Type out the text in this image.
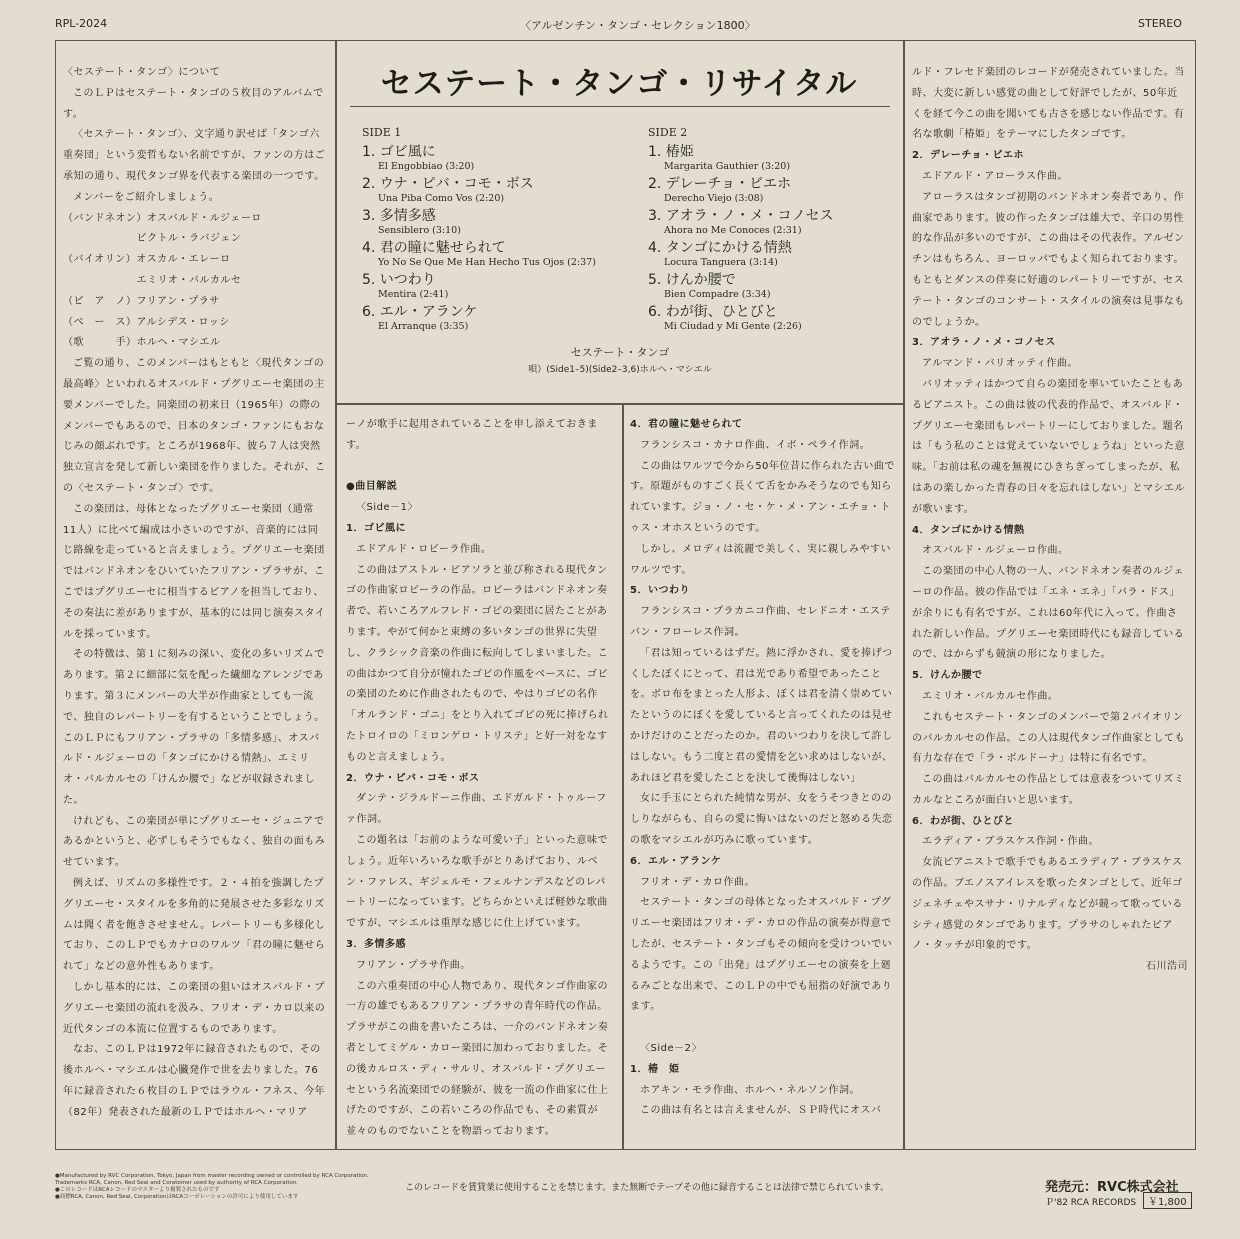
RPL-2024	〈アルゼンチン・タンゴ・セレクション1800〉	STEREO
セステート・タンゴ・リサイタル
SIDE 1	SIDE 2
1. ゴビ風に
El Engobbiao (3:20)
2. ウナ・ピバ・コモ・ボス
Una Piba Como Vos (2:20)
3. 多情多感
Sensiblero (3:10)
4. 君の瞳に魅せられて
Yo No Se Que Me Han Hecho Tus Ojos (2:37)
5. いつわり
Mentira (2:41)
6. エル・アランケ
El Arranque (3:35)
1. 椿姫
Margarita Gauthier (3:20)
2. デレーチョ・ビエホ
Derecho Viejo (3:08)
3. アオラ・ノ・メ・コノセス
Ahora no Me Conoces (2:31)
4. タンゴにかける情熱
Locura Tanguera (3:14)
5. けんか腰で
Bien Compadre (3:34)
6. わが街、ひとびと
Mi Ciudad y Mi Gente (2:26)
セステート・タンゴ
唄）(Side1–5)(Side2–3,6)ホルヘ・マシエル

〈セステート・タンゴ〉について

このＬＰはセステート・タンゴの５枚目のアルバムです。

〈セステート・タンゴ〉、文字通り訳せば「タンゴ六重奏団」という変哲もない名前ですが、ファンの方はご承知の通り、現代タンゴ界を代表する楽団の一つです。

メンバーをご紹介しましょう。

（バンドネオン）オスバルド・ルジェーロ

　　　　　　　ビクトル・ラバジェン

（バイオリン）オスカル・エレーロ

　　　　　　　エミリオ・バルカルセ

（ピ　ア　ノ）フリアン・プラサ

（ベ　ー　ス）アルシデス・ロッシ

（歌　　　手）ホルヘ・マシエル

ご覧の通り、このメンバーはもともと〈現代タンゴの最高峰〉といわれるオスバルド・プグリエーセ楽団の主要メンバーでした。同楽団の初来日（1965年）の際のメンバーでもあるので、日本のタンゴ・ファンにもおなじみの顔ぶれです。ところが1968年、彼ら７人は突然独立宣言を発して新しい楽団を作りました。それが、この〈セステート・タンゴ〉です。

この楽団は、母体となったプグリエーセ楽団（通常11人）に比べて編成は小さいのですが、音楽的には同じ路線を走っていると言えましょう。プグリエーセ楽団ではバンドネオンをひいていたフリアン・プラサが、ここではプグリエーセに相当するピアノを担当しており、その奏法に差がありますが、基本的には同じ演奏スタイルを採っています。

その特徴は、第１に刻みの深い、変化の多いリズムであります。第２に細部に気を配った繊細なアレンジであります。第３にメンバーの大半が作曲家としても一流で、独自のレパートリーを有するということでしょう。このＬＰにもフリアン・プラサの「多情多感」、オスバルド・ルジェーロの「タンゴにかける情熱」、エミリオ・バルカルセの「けんか腰で」などが収録されました。

けれども、この楽団が単にプグリエーセ・ジュニアであるかというと、必ずしもそうでもなく、独自の面もみせています。

例えば、リズムの多様性です。２・４拍を強調したプグリエーセ・スタイルを多角的に発展させた多彩なリズムは聞く者を飽きさせません。レパートリーも多様化しており、このＬＰでもカナロのワルツ「君の瞳に魅せられて」などの意外性もあります。

しかし基本的には、この楽団の狙いはオスバルド・プグリエーセ楽団の流れを汲み、フリオ・デ・カロ以来の近代タンゴの本流に位置するものであります。

なお、このＬＰは1972年に録音されたもので、その後ホルヘ・マシエルは心臓発作で世を去りました。76年に録音された６枚目のＬＰではラウル・フネス、今年（82年）発表された最新のＬＰではホルヘ・マリア

ーノが歌手に起用されていることを申し添えておきます。

●曲目解説

〈Side－1〉

1．ゴビ風に

エドアルド・ロビーラ作曲。

この曲はアストル・ピアソラと並び称される現代タンゴの作曲家ロビーラの作品。ロビーラはバンドネオン奏者で、若いころアルフレド・ゴビの楽団に居たことがあります。やがて何かと束縛の多いタンゴの世界に失望し、クラシック音楽の作曲に転向してしまいました。この曲はかつて自分が憧れたゴビの作風をベースに、ゴビの楽団のために作曲されたもので、やはりゴビの名作「オルランド・ゴニ」をとり入れてゴビの死に捧げられたトロイロの「ミロンゲロ・トリステ」と好一対をなすものと言えましょう。

2．ウナ・ピバ・コモ・ボス

ダンテ・ジラルドーニ作曲、エドガルド・トゥルーファ作詞。

この題名は「お前のような可愛い子」といった意味でしょう。近年いろいろな歌手がとりあげており、ルベン・ファレス、ギジェルモ・フェルナンデスなどのレパートリーになっています。どちらかといえば軽妙な歌曲ですが、マシエルは重厚な感じに仕上げています。

3．多情多感

フリアン・プラサ作曲。

この六重奏団の中心人物であり、現代タンゴ作曲家の一方の雄でもあるフリアン・プラサの青年時代の作品。プラサがこの曲を書いたころは、一介のバンドネオン奏者としてミゲル・カロー楽団に加わっておりました。その後カルロス・ディ・サルリ、オスバルド・プグリエーセという名流楽団での経験が、彼を一流の作曲家に仕上げたのですが、この若いころの作品でも、その素質が並々のものでないことを物語っております。

4．君の瞳に魅せられて

フランシスコ・カナロ作曲、イボ・ペライ作詞。

この曲はワルツで今から50年位昔に作られた古い曲です。原題がものすごく長くて舌をかみそうなのでも知られています。ジョ・ノ・セ・ケ・メ・アン・エチョ・トゥス・オホスというのです。

しかし、メロディは流麗で美しく、実に親しみやすいワルツです。

5．いつわり

フランシスコ・プラカニコ作曲、セレドニオ・エステバン・フローレス作詞。

「君は知っているはずだ。熱に浮かされ、愛を捧げつくしたぼくにとって、君は光であり希望であったことを。ボロ布をまとった人形よ、ぼくは君を清く崇めていたというのにぼくを愛していると言ってくれたのは見せかけだけのことだったのか。君のいつわりを決して許しはしない。もう二度と君の愛情を乞い求めはしないが、あれほど君を愛したことを決して後悔はしない」

女に手玉にとられた純情な男が、女をうそつきとののしりながらも、自らの愛に悔いはないのだと怒める失恋の歌をマシエルが巧みに歌っています。

6．エル・アランケ

フリオ・デ・カロ作曲。

セステート・タンゴの母体となったオスバルド・プグリエーセ楽団はフリオ・デ・カロの作品の演奏が得意でしたが、セステート・タンゴもその傾向を受けついでいるようです。この「出発」はプグリエーセの演奏を上廻るみごとな出来で、このＬＰの中でも屈指の好演であります。

〈Side－2〉

1．椿　姫

ホアキン・モラ作曲、ホルヘ・ネルソン作詞。

この曲は有名とは言えませんが、ＳＰ時代にオスバ

ルド・フレセド楽団のレコードが発売されていました。当時、大変に新しい感覚の曲として好評でしたが、50年近くを経て今この曲を聞いても古さを感じない作品です。有名な歌劇「椿姫」をテーマにしたタンゴです。

2．デレーチョ・ビエホ

エドアルド・アローラス作曲。

アローラスはタンゴ初期のバンドネオン奏者であり、作曲家であります。彼の作ったタンゴは雄大で、辛口の男性的な作品が多いのですが、この曲はその代表作。アルゼンチンはもちろん、ヨーロッパでもよく知られております。もともとダンスの伴奏に好適のレパートリーですが、セステート・タンゴのコンサート・スタイルの演奏は見事なものでしょうか。

3．アオラ・ノ・メ・コノセス

アルマンド・バリオッティ作曲。

バリオッティはかつて自らの楽団を率いていたこともあるピアニスト。この曲は彼の代表的作品で、オスバルド・プグリエーセ楽団もレパートリーにしておりました。題名は「もう私のことは覚えていないでしょうね」といった意味。「お前は私の魂を無視にひきちぎってしまったが、私はあの楽しかった青春の日々を忘れはしない」とマシエルが歌います。

4．タンゴにかける情熱

オスバルド・ルジェーロ作曲。

この楽団の中心人物の一人、バンドネオン奏者のルジェーロの作品。彼の作品では「エネ・エネ」「パラ・ドス」が余りにも有名ですが、これは60年代に入って、作曲された新しい作品。プグリエーセ楽団時代にも録音しているので、はからずも競演の形になりました。

5．けんか腰で

エミリオ・バルカルセ作曲。

これもセステート・タンゴのメンバーで第２バイオリンのバルカルセの作品。この人は現代タンゴ作曲家としても有力な存在で「ラ・ボルドーナ」は特に有名です。

この曲はバルカルセの作品としては意表をついてリズミカルなところが面白いと思います。

6．わが街、ひとびと

エラディア・ブラスケス作詞・作曲。

女流ピアニストで歌手でもあるエラディア・ブラスケスの作品。ブエノスアイレスを歌ったタンゴとして、近年ゴジェネチェやスサナ・リナルディなどが競って歌っているシティ感覚のタンゴであります。プラサのしゃれたピアノ・タッチが印象的です。

石川浩司

●Manufactured by RVC Corporation, Tokyo, Japan from master recording owned or controlled by RCA Corporation.
Trademarks RCA, Canon, Red Seal and Coratomer used by authority of RCA Corporation.
●このレコードはRCAレコードのマスターより複製されたものです
●商標RCA, Canon, Red Seal, CorporationはRCAコーポレーションの許可により使用しています
このレコードを賃貸業に使用することを禁じます。また無断でテープその他に録音することは法律で禁じられています。	発売元：RVC株式会社
Ｐ'82 RCA RECORDS	￥1,800
